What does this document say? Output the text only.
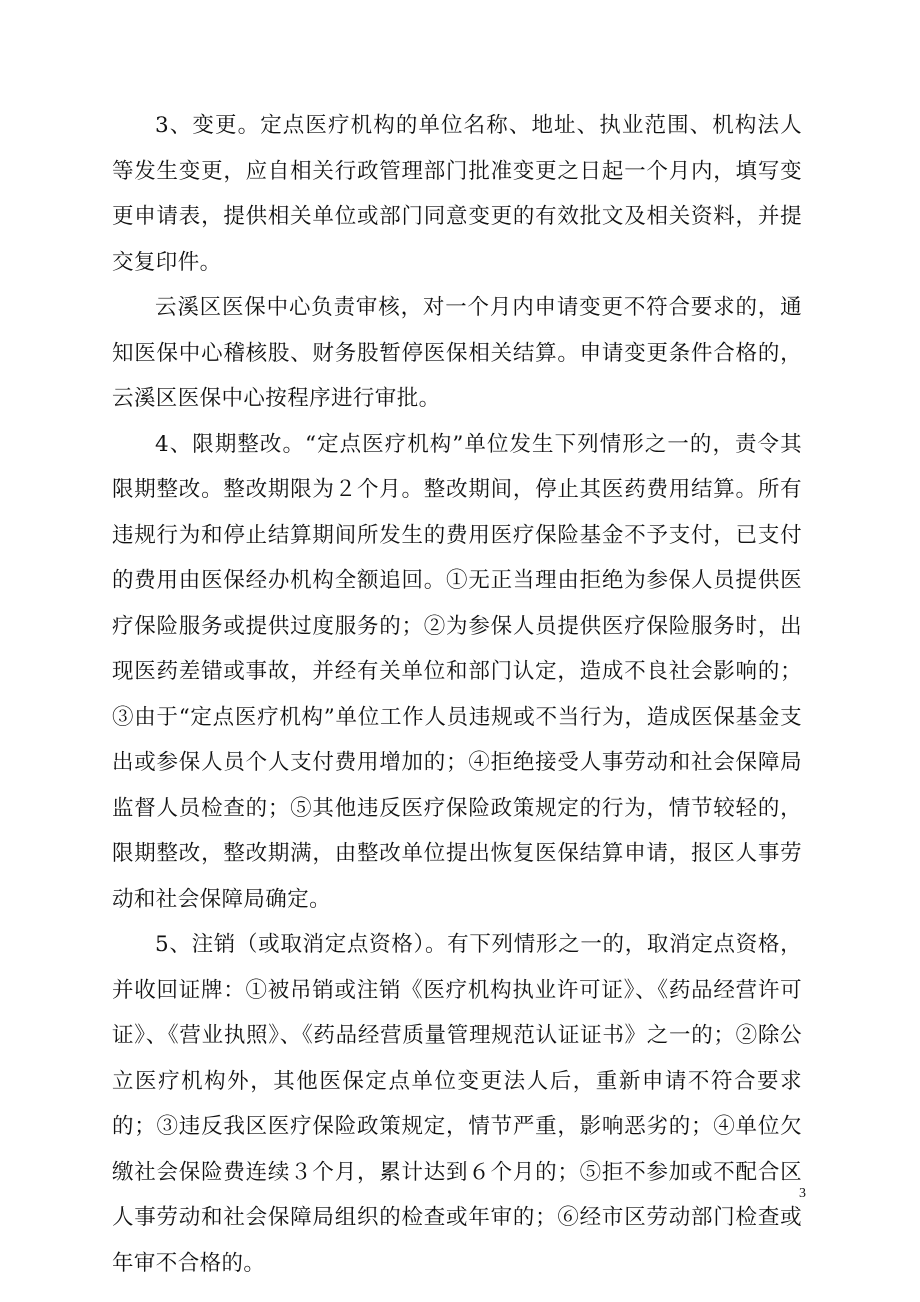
3、变更。定点医疗机构的单位名称、地址、执业范围、机构法人等发生变更，应自相关行政管理部门批准变更之日起一个月内，填写变更申请表，提供相关单位或部门同意变更的有效批文及相关资料，并提交复印件。

云溪区医保中心负责审核，对一个月内申请变更不符合要求的，通知医保中心稽核股、财务股暂停医保相关结算。申请变更条件合格的，云溪区医保中心按程序进行审批。

4、限期整改。“定点医疗机构”单位发生下列情形之一的，责令其限期整改。整改期限为２个月。整改期间，停止其医药费用结算。所有违规行为和停止结算期间所发生的费用医疗保险基金不予支付，已支付的费用由医保经办机构全额追回。①无正当理由拒绝为参保人员提供医疗保险服务或提供过度服务的；②为参保人员提供医疗保险服务时，出现医药差错或事故，并经有关单位和部门认定，造成不良社会影响的；③由于“定点医疗机构”单位工作人员违规或不当行为，造成医保基金支出或参保人员个人支付费用增加的；④拒绝接受人事劳动和社会保障局监督人员检查的；⑤其他违反医疗保险政策规定的行为，情节较轻的，限期整改，整改期满，由整改单位提出恢复医保结算申请，报区人事劳动和社会保障局确定。

5、注销（或取消定点资格）。有下列情形之一的，取消定点资格，并收回证牌：①被吊销或注销《医疗机构执业许可证》、《药品经营许可证》、《营业执照》、《药品经营质量管理规范认证证书》之一的；②除公立医疗机构外，其他医保定点单位变更法人后，重新申请不符合要求的；③违反我区医疗保险政策规定，情节严重，影响恶劣的；④单位欠缴社会保险费连续３个月，累计达到６个月的；⑤拒不参加或不配合区人事劳动和社会保障局组织的检查或年审的；⑥经市区劳动部门检查或年审不合格的。

3
